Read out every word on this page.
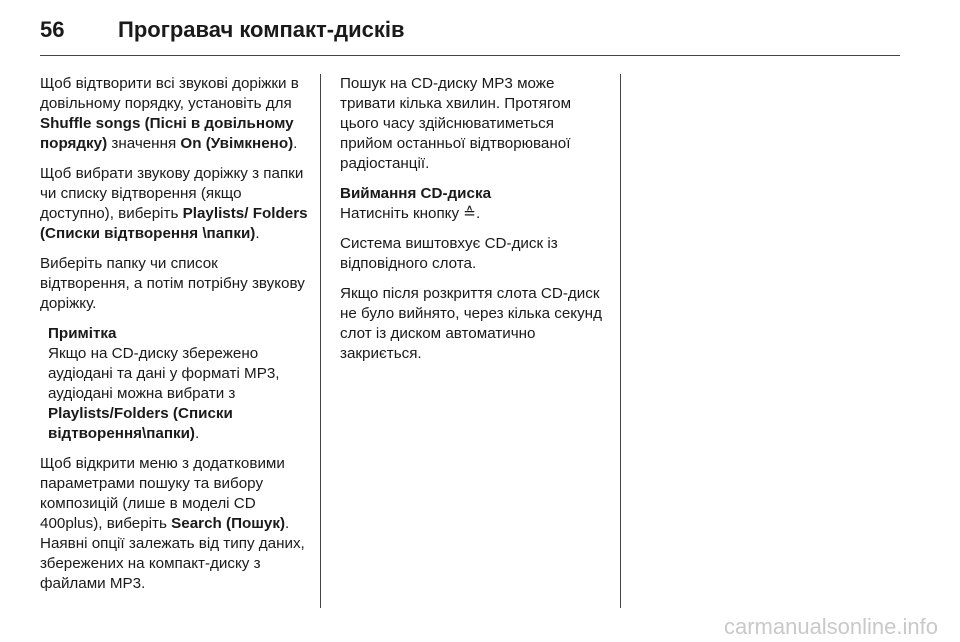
56	Програвач компакт-дисків

Щоб відтворити всі звукові доріжки в довільному порядку, установіть для Shuffle songs (Пісні в довільному порядку) значення On (Увімкнено).

Щоб вибрати звукову доріжку з папки чи списку відтворення (якщо доступно), виберіть Playlists/ Folders (Списки відтворення \папки).

Виберіть папку чи список відтворення, а потім потрібну звукову доріжку.

Примітка
Якщо на CD-диску збережено аудіодані та дані у форматі MP3, аудіодані можна вибрати з Playlists/Folders (Списки відтворення\папки).

Щоб відкрити меню з додатковими параметрами пошуку та вибору композицій (лише в моделі CD 400plus), виберіть Search (Пошук). Наявні опції залежать від типу даних, збережених на компакт-диску з файлами MP3.

Пошук на CD-диску MP3 може тривати кілька хвилин. Протягом цього часу здійснюватиметься прийом останньої відтворюваної радіостанції.

Виймання CD-диска

Натисніть кнопку ≙.

Система виштовхує CD-диск із відповідного слота.

Якщо після розкриття слота CD-диск не було вийнято, через кілька секунд слот із диском автоматично закриється.

carmanualsonline.info
